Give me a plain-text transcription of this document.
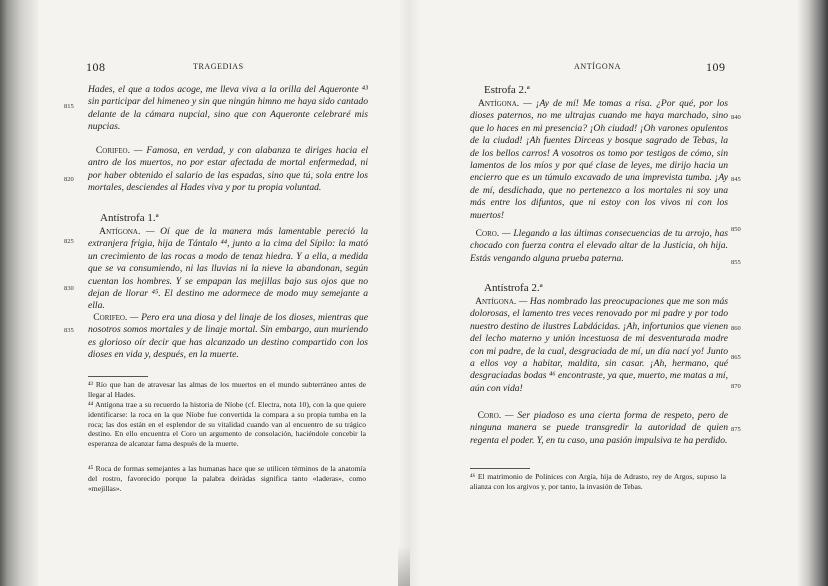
108	TRAGEDIAS	ANTÍGONA	109

Hades, el que a todos acoge, me lleva viva a la orilla del Aqueronte ⁴³ sin participar del himeneo y sin que ningún himno me haya sido cantado delante de la cámara nupcial, sino que con Aqueronte celebraré mis nupcias.

Corifeo. — Famosa, en verdad, y con alabanza te diriges hacia el antro de los muertos, no por estar afectada de mortal enfermedad, ni por haber obtenido el salario de las espadas, sino que tú, sola entre los mortales, desciendes al Hades viva y por tu propia voluntad.

Antístrofa 1.ª

Antígona. — Oí que de la manera más lamentable pereció la extranjera frigia, hija de Tántalo ⁴⁴, junto a la cima del Sípilo: la mató un crecimiento de las rocas a modo de tenaz hiedra. Y a ella, a medida que se va consumiendo, ni las lluvias ni la nieve la abandonan, según cuentan los hombres. Y se empapan las mejillas bajo sus ojos que no dejan de llorar ⁴⁵. El destino me adormece de modo muy semejante a ella.

Corifeo. — Pero era una diosa y del linaje de los dioses, mientras que nosotros somos mortales y de linaje mortal. Sin embargo, aun muriendo es glorioso oír decir que has alcanzado un destino compartido con los dioses en vida y, después, en la muerte.

815
820
825
830
835
⁴³ Río que han de atravesar las almas de los muertos en el mundo subterráneo antes de llegar al Hades.
⁴⁴ Antígona trae a su recuerdo la historia de Níobe (cf. Electra, nota 10), con la que quiere identificarse: la roca en la que Níobe fue convertida la compara a su propia tumba en la roca; las dos están en el esplendor de su vitalidad cuando van al encuentro de su trágico destino. En ello encuentra el Coro un argumento de consolación, haciéndole concebir la esperanza de alcanzar fama después de la muerte.
⁴⁵ Roca de formas semejantes a las humanas hace que se utilicen términos de la anatomía del rostro, favorecido porque la palabra deirádas significa tanto «laderas», como «mejillas».
Estrofa 2.ª

Antígona. — ¡Ay de mí! Me tomas a risa. ¿Por qué, por los dioses paternos, no me ultrajas cuando me haya marchado, sino que lo haces en mi presencia? ¡Oh ciudad! ¡Oh varones opulentos de la ciudad! ¡Ah fuentes Dirceas y bosque sagrado de Tebas, la de los bellos carros! A vosotros os tomo por testigos de cómo, sin lamentos de los míos y por qué clase de leyes, me dirijo hacia un encierro que es un túmulo excavado de una imprevista tumba. ¡Ay de mí, desdichada, que no pertenezco a los mortales ni soy una más entre los difuntos, que ni estoy con los vivos ni con los muertos!

Coro. — Llegando a las últimas consecuencias de tu arrojo, has chocado con fuerza contra el elevado altar de la Justicia, oh hija. Estás vengando alguna prueba paterna.

Antístrofa 2.ª

Antígona. — Has nombrado las preocupaciones que me son más dolorosas, el lamento tres veces renovado por mi padre y por todo nuestro destino de ilustres Labdácidas. ¡Ah, infortunios que vienen del lecho materno y unión incestuosa de mi desventurada madre con mi padre, de la cual, desgraciada de mí, un día nací yo! Junto a ellos voy a habitar, maldita, sin casar. ¡Ah, hermano, qué desgraciadas bodas ⁴⁶ encontraste, ya que, muerto, me matas a mí, aún con vida!

Coro. — Ser piadoso es una cierta forma de respeto, pero de ninguna manera se puede transgredir la autoridad de quien regenta el poder. Y, en tu caso, una pasión impulsiva te ha perdido.

840
845
850
855
860
865
870
875
⁴⁶ El matrimonio de Polinices con Argía, hija de Adrasto, rey de Argos, supuso la alianza con los argivos y, por tanto, la invasión de Tebas.
